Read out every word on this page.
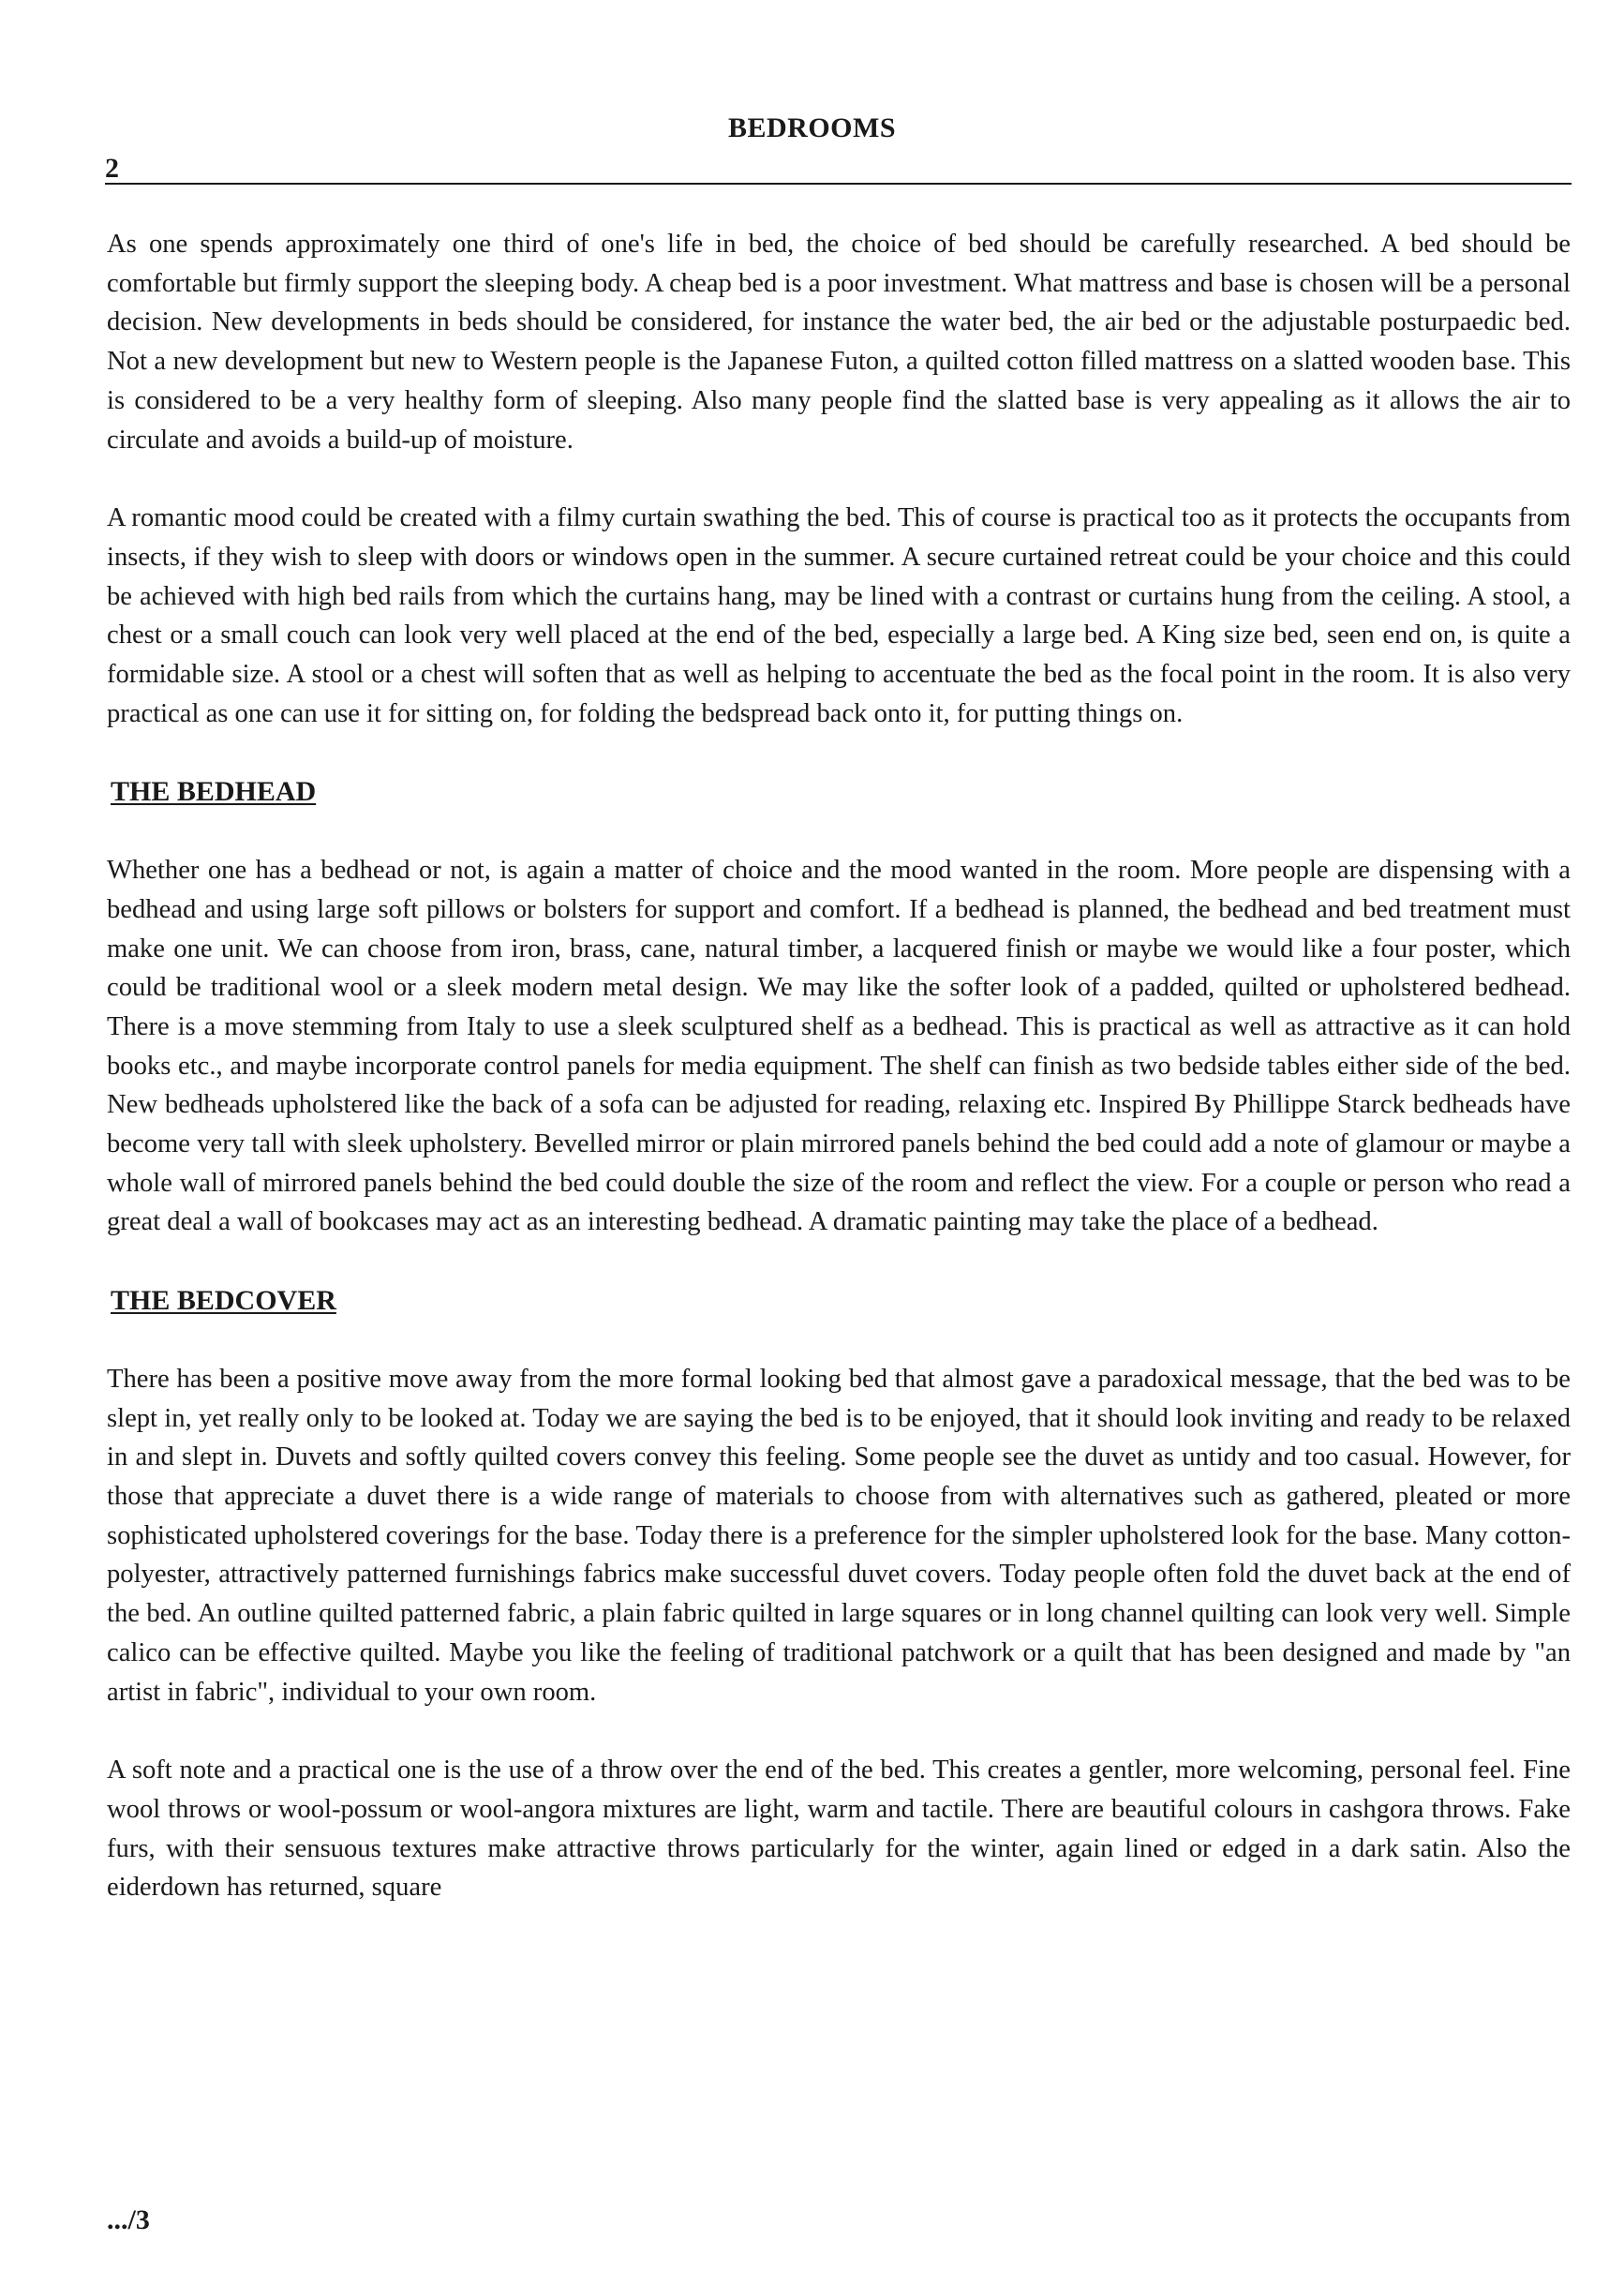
BEDROOMS
2

As one spends approximately one third of one's life in bed, the choice of bed should be carefully researched. A bed should be comfortable but firmly support the sleeping body. A cheap bed is a poor investment. What mattress and base is chosen will be a personal decision. New developments in beds should be considered, for instance the water bed, the air bed or the adjustable posturpaedic bed. Not a new development but new to Western people is the Japanese Futon, a quilted cotton filled mattress on a slatted wooden base. This is considered to be a very healthy form of sleeping. Also many people find the slatted base is very appealing as it allows the air to circulate and avoids a build-up of moisture.

A romantic mood could be created with a filmy curtain swathing the bed. This of course is practical too as it protects the occupants from insects, if they wish to sleep with doors or windows open in the summer. A secure curtained retreat could be your choice and this could be achieved with high bed rails from which the curtains hang, may be lined with a contrast or curtains hung from the ceiling. A stool, a chest or a small couch can look very well placed at the end of the bed, especially a large bed. A King size bed, seen end on, is quite a formidable size. A stool or a chest will soften that as well as helping to accentuate the bed as the focal point in the room. It is also very practical as one can use it for sitting on, for folding the bedspread back onto it, for putting things on.

THE BEDHEAD

Whether one has a bedhead or not, is again a matter of choice and the mood wanted in the room. More people are dispensing with a bedhead and using large soft pillows or bolsters for support and comfort. If a bedhead is planned, the bedhead and bed treatment must make one unit. We can choose from iron, brass, cane, natural timber, a lacquered finish or maybe we would like a four poster, which could be traditional wool or a sleek modern metal design. We may like the softer look of a padded, quilted or upholstered bedhead. There is a move stemming from Italy to use a sleek sculptured shelf as a bedhead. This is practical as well as attractive as it can hold books etc., and maybe incorporate control panels for media equipment. The shelf can finish as two bedside tables either side of the bed. New bedheads upholstered like the back of a sofa can be adjusted for reading, relaxing etc. Inspired By Phillippe Starck bedheads have become very tall with sleek upholstery. Bevelled mirror or plain mirrored panels behind the bed could add a note of glamour or maybe a whole wall of mirrored panels behind the bed could double the size of the room and reflect the view. For a couple or person who read a great deal a wall of bookcases may act as an interesting bedhead. A dramatic painting may take the place of a bedhead.

THE BEDCOVER

There has been a positive move away from the more formal looking bed that almost gave a paradoxical message, that the bed was to be slept in, yet really only to be looked at. Today we are saying the bed is to be enjoyed, that it should look inviting and ready to be relaxed in and slept in. Duvets and softly quilted covers convey this feeling. Some people see the duvet as untidy and too casual. However, for those that appreciate a duvet there is a wide range of materials to choose from with alternatives such as gathered, pleated or more sophisticated upholstered coverings for the base. Today there is a preference for the simpler upholstered look for the base. Many cotton-polyester, attractively patterned furnishings fabrics make successful duvet covers. Today people often fold the duvet back at the end of the bed. An outline quilted patterned fabric, a plain fabric quilted in large squares or in long channel quilting can look very well. Simple calico can be effective quilted. Maybe you like the feeling of traditional patchwork or a quilt that has been designed and made by "an artist in fabric", individual to your own room.

A soft note and a practical one is the use of a throw over the end of the bed. This creates a gentler, more welcoming, personal feel. Fine wool throws or wool-possum or wool-angora mixtures are light, warm and tactile. There are beautiful colours in cashgora throws. Fake furs, with their sensuous textures make attractive throws particularly for the winter, again lined or edged in a dark satin. Also the eiderdown has returned, square

.../3
